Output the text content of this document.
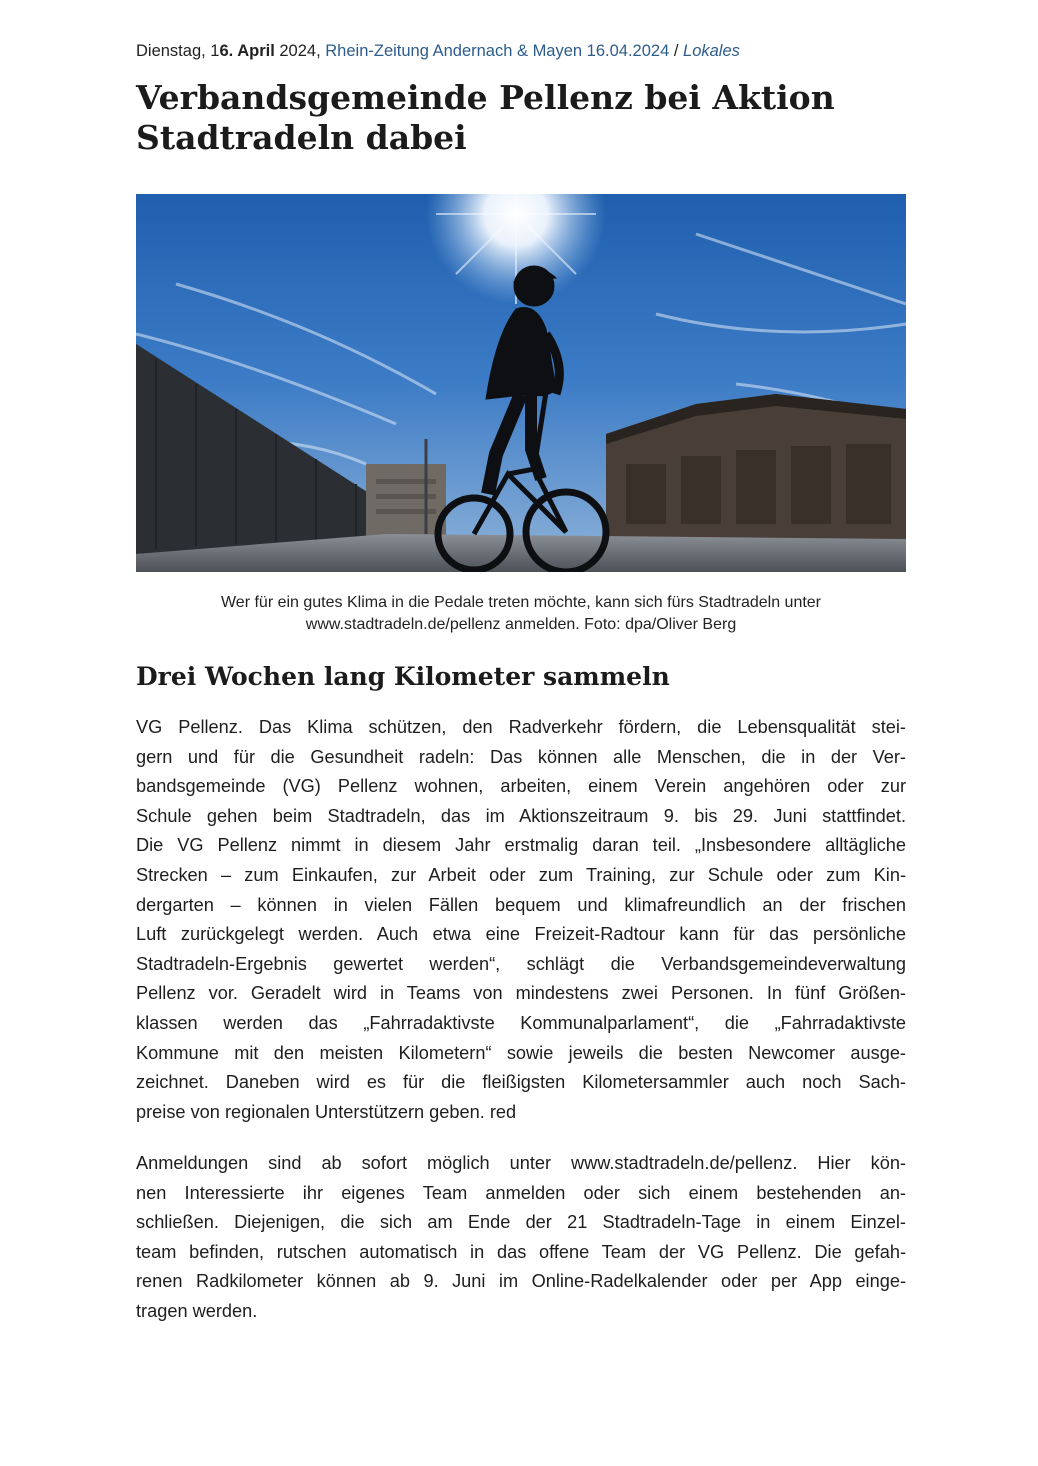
Dienstag, 16. April 2024, Rhein-Zeitung Andernach & Mayen 16.04.2024 / Lokales
Verbandsgemeinde Pellenz bei Aktion
Stadtradeln dabei
Wer für ein gutes Klima in die Pedale treten möchte, kann sich fürs Stadtradeln unter
www.stadtradeln.de/pellenz anmelden. Foto: dpa/Oliver Berg
Drei Wochen lang Kilometer sammeln

VG Pellenz. Das Klima schützen, den Radverkehr fördern, die Lebensqualität stei-
gern und für die Gesundheit radeln: Das können alle Menschen, die in der Ver-
bandsgemeinde (VG) Pellenz wohnen, arbeiten, einem Verein angehören oder zur
Schule gehen beim Stadtradeln, das im Aktionszeitraum 9. bis 29. Juni stattfindet.
Die VG Pellenz nimmt in diesem Jahr erstmalig daran teil. „Insbesondere alltägliche
Strecken – zum Einkaufen, zur Arbeit oder zum Training, zur Schule oder zum Kin-
dergarten – können in vielen Fällen bequem und klimafreundlich an der frischen
Luft zurückgelegt werden. Auch etwa eine Freizeit-Radtour kann für das persönliche
Stadtradeln-Ergebnis gewertet werden“, schlägt die Verbandsgemeindeverwaltung
Pellenz vor. Geradelt wird in Teams von mindestens zwei Personen. In fünf Größen-
klassen werden das „Fahrradaktivste Kommunalparlament“, die „Fahrradaktivste
Kommune mit den meisten Kilometern“ sowie jeweils die besten Newcomer ausge-
zeichnet. Daneben wird es für die fleißigsten Kilometersammler auch noch Sach-
preise von regionalen Unterstützern geben. red

Anmeldungen sind ab sofort möglich unter www.stadtradeln.de/pellenz. Hier kön-
nen Interessierte ihr eigenes Team anmelden oder sich einem bestehenden an-
schließen. Diejenigen, die sich am Ende der 21 Stadtradeln-Tage in einem Einzel-
team befinden, rutschen automatisch in das offene Team der VG Pellenz. Die gefah-
renen Radkilometer können ab 9. Juni im Online-Radelkalender oder per App einge-
tragen werden.
